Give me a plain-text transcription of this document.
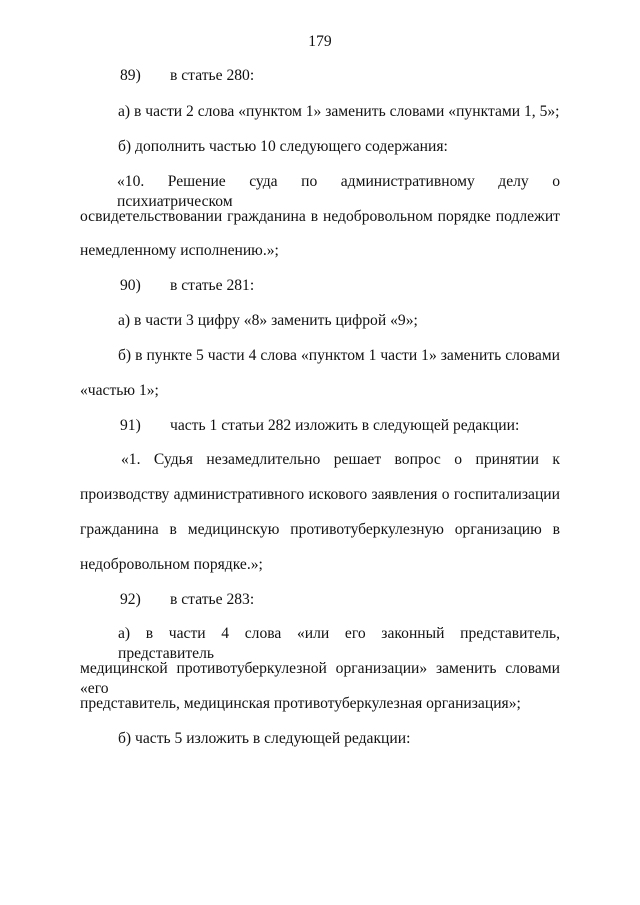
179
89) в статье 280:
а) в части 2 слова «пунктом 1» заменить словами «пунктами 1, 5»;
б) дополнить частью 10 следующего содержания:
«10. Решение суда по административному делу о психиатрическом
освидетельствовании гражданина в недобровольном порядке подлежит
немедленному исполнению.»;
90) в статье 281:
а) в части 3 цифру «8» заменить цифрой «9»;
б) в пункте 5 части 4 слова «пунктом 1 части 1» заменить словами
«частью 1»;
91) часть 1 статьи 282 изложить в следующей редакции:
«1. Судья незамедлительно решает вопрос о принятии к
производству административного искового заявления о госпитализации
гражданина в медицинскую противотуберкулезную организацию в
недобровольном порядке.»;
92) в статье 283:
а) в части 4 слова «или его законный представитель, представитель
медицинской противотуберкулезной организации» заменить словами «его
представитель, медицинская противотуберкулезная организация»;
б) часть 5 изложить в следующей редакции:
